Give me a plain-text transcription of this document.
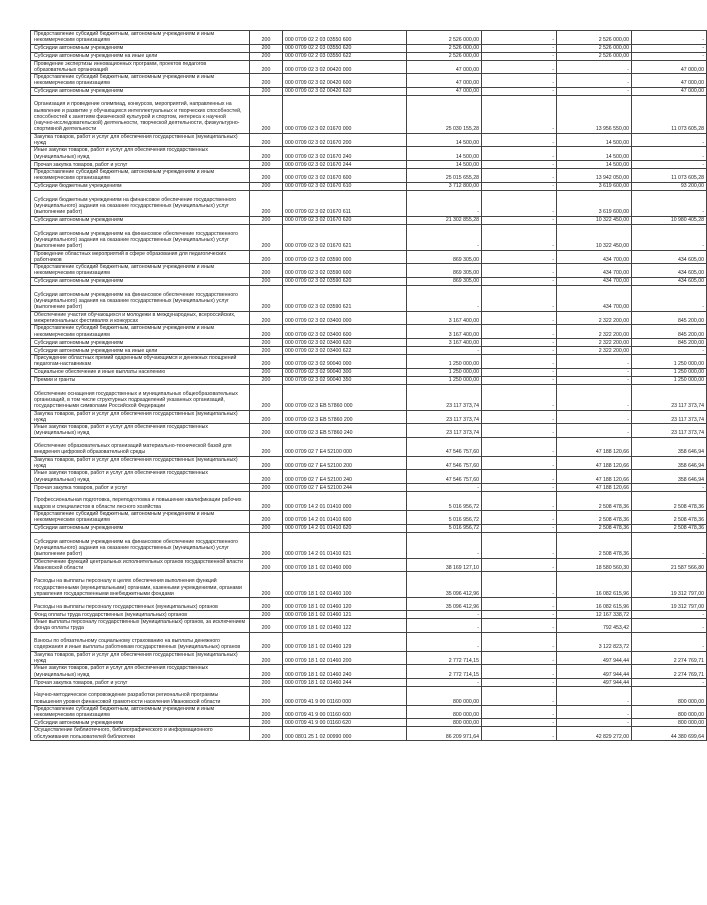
Предоставление субсидий бюджетным, автономным учреждениям и иным некоммерческим организациям	200	000 0709 02 2 03 03550 600	2 526 000,00	-	2 526 000,00	-
Субсидии автономным учреждениям	200	000 0709 02 2 03 03550 620	2 526 000,00	-	2 526 000,00	-
Субсидии автономным учреждениям на иные цели	200	000 0709 02 2 03 03550 622	2 526 000,00	-	2 526 000,00	-
Проведение экспертизы инновационных программ, проектов педагогов образовательных организаций	200	000 0709 02 3 02 00420 000	47 000,00	-	-	47 000,00
Предоставление субсидий бюджетным, автономным учреждениям и иным некоммерческим организациям	200	000 0709 02 3 02 00420 600	47 000,00	-	-	47 000,00
Субсидии автономным учреждениям	200	000 0709 02 3 02 00420 620	47 000,00	-	-	47 000,00
Организация и проведение олимпиад, конкурсов, мероприятий, направленных на выявление и развитие у обучающихся интеллектуальных и творческих способностей, способностей к занятиям физической культурой и спортом, интереса к научной (научно-исследовательской) деятельности, творческой деятельности, физкультурно-спортивной деятельности	200	000 0709 02 3 02 01670 000	25 030 155,28	-	13 956 550,00	11 073 605,28
Закупка товаров, работ и услуг для обеспечения государственных (муниципальных) нужд	200	000 0709 02 3 02 01670 200	14 500,00	-	14 500,00	-
Иные закупки товаров, работ и услуг для обеспечения государственных (муниципальных) нужд	200	000 0709 02 3 02 01670 240	14 500,00	-	14 500,00	-
Прочая закупка товаров, работ и услуг	200	000 0709 02 3 02 01670 244	14 500,00	-	14 500,00	-
Предоставление субсидий бюджетным, автономным учреждениям и иным некоммерческим организациям	200	000 0709 02 3 02 01670 600	25 015 655,28	-	13 942 050,00	11 073 605,28
Субсидии бюджетным учреждениям	200	000 0709 02 3 02 01670 610	3 712 800,00	-	3 619 600,00	93 200,00
Субсидии бюджетным учреждениям на финансовое обеспечение государственного (муниципального) задания на оказание государственных (муниципальных) услуг (выполнение работ)	200	000 0709 02 3 02 01670 611	-	-	3 619 600,00	-
Субсидии автономным учреждениям	200	000 0709 02 3 02 01670 620	21 302 855,28	-	10 322 450,00	10 980 405,28
Субсидии автономным учреждениям на финансовое обеспечение государственного (муниципального) задания на оказание государственных (муниципальных) услуг (выполнение работ)	200	000 0709 02 3 02 01670 621	-	-	10 322 450,00	-
Проведение областных мероприятий в сфере образования для педагогических работников	200	000 0709 02 3 02 03590 000	869 305,00	-	434 700,00	434 605,00
Предоставление субсидий бюджетным, автономным учреждениям и иным некоммерческим организациям	200	000 0709 02 3 02 03590 600	869 305,00	-	434 700,00	434 605,00
Субсидии автономным учреждениям	200	000 0709 02 3 02 03590 620	869 305,00	-	434 700,00	434 605,00
Субсидии автономным учреждениям на финансовое обеспечение государственного (муниципального) задания на оказание государственных (муниципальных) услуг (выполнение работ)	200	000 0709 02 3 02 03590 621	-	-	434 700,00	-
Обеспечение участия обучающихся и молодежи в международных, всероссийских, межрегиональных фестивалях и конкурсах	200	000 0709 02 3 02 03400 000	3 167 400,00	-	2 322 200,00	845 200,00
Предоставление субсидий бюджетным, автономным учреждениям и иным некоммерческим организациям	200	000 0709 02 3 02 03400 600	3 167 400,00	-	2 322 200,00	845 200,00
Субсидии автономным учреждениям	200	000 0709 02 3 02 03400 620	3 167 400,00	-	2 322 200,00	845 200,00
Субсидии автономным учреждениям на иные цели	200	000 0709 02 3 02 03400 622	-	-	2 322 200,00	-
Присуждение областных премий одаренным обучающимся и денежных поощрений педагогам-наставникам	200	000 0709 02 3 02 90040 000	1 250 000,00	-	-	1 250 000,00
Социальное обеспечение и иные выплаты населению	200	000 0709 02 3 02 90040 300	1 250 000,00	-	-	1 250 000,00
Премии и гранты	200	000 0709 02 3 02 90040 350	1 250 000,00	-	-	1 250 000,00
Обеспечение оснащения государственных и муниципальных общеобразовательных организаций, в том числе структурных подразделений указанных организаций, государственными символами Российской Федерации	200	000 0709 02 3 EВ 57860 000	23 117 373,74	-	-	23 117 373,74
Закупка товаров, работ и услуг для обеспечения государственных (муниципальных) нужд	200	000 0709 02 3 EВ 57860 200	23 117 373,74	-	-	23 117 373,74
Иные закупки товаров, работ и услуг для обеспечения государственных (муниципальных) нужд	200	000 0709 02 3 EВ 57860 240	23 117 373,74	-	-	23 117 373,74
Обеспечение образовательных организаций материально-технической базой для внедрения цифровой образовательной среды	200	000 0709 02 7 E4 52100 000	47 546 757,60	-	47 188 120,66	358 646,94
Закупка товаров, работ и услуг для обеспечения государственных (муниципальных) нужд	200	000 0709 02 7 E4 52100 200	47 546 757,60	-	47 188 120,66	358 646,94
Иные закупки товаров, работ и услуг для обеспечения государственных (муниципальных) нужд	200	000 0709 02 7 E4 52100 240	47 546 757,60	-	47 188 120,66	358 646,94
Прочая закупка товаров, работ и услуг	200	000 0709 02 7 E4 52100 244	-	-	47 188 120,66	-
Профессиональная подготовка, переподготовка и повышение квалификации рабочих кадров и специалистов в области лесного хозяйства	200	000 0709 14 2 01 01410 000	5 016 956,72	-	2 508 478,36	2 508 478,36
Предоставление субсидий бюджетным, автономным учреждениям и иным некоммерческим организациям	200	000 0709 14 2 01 01410 600	5 016 956,72	-	2 508 478,36	2 508 478,36
Субсидии автономным учреждениям	200	000 0709 14 2 01 01410 620	5 016 956,72	-	2 508 478,36	2 508 478,36
Субсидии автономным учреждениям на финансовое обеспечение государственного (муниципального) задания на оказание государственных (муниципальных) услуг (выполнение работ)	200	000 0709 14 2 01 01410 621	-	-	2 508 478,36	-
Обеспечение функций центральных исполнительных органов государственной власти Ивановской области	200	000 0709 18 1 02 01460 000	38 169 127,10	-	18 580 560,30	21 587 566,80
Расходы на выплаты персоналу в целях обеспечения выполнения функций государственными (муниципальными) органами, казенными учреждениями, органами управления государственными внебюджетными фондами	200	000 0709 18 1 02 01460 100	35 096 412,96	-	16 082 615,96	19 312 797,00
Расходы на выплаты персоналу государственных (муниципальных) органов	200	000 0709 18 1 02 01460 120	35 096 412,96	-	16 082 615,96	19 312 797,00
Фонд оплаты труда государственных (муниципальных) органов	200	000 0709 18 1 02 01460 121	-	-	12 167 338,72	-
Иные выплаты персоналу государственных (муниципальных) органов, за исключением фонда оплаты труда	200	000 0709 18 1 02 01460 122	-	-	792 453,42	-
Взносы по обязательному социальному страхованию на выплаты денежного содержания и иные выплаты работникам государственных (муниципальных) органов	200	000 0709 18 1 02 01460 129	-	-	3 122 823,72	-
Закупка товаров, работ и услуг для обеспечения государственных (муниципальных) нужд	200	000 0709 18 1 02 01460 200	2 772 714,15	-	497 944,44	2 274 769,71
Иные закупки товаров, работ и услуг для обеспечения государственных (муниципальных) нужд	200	000 0709 18 1 02 01460 240	2 772 714,15	-	497 944,44	2 274 769,71
Прочая закупка товаров, работ и услуг	200	000 0709 18 1 02 01460 244	-	-	497 944,44	-
Научно-методическое сопровождение разработки региональной программы повышения уровня финансовой грамотности населения Ивановской области	200	000 0709 41 9 00 01160 000	800 000,00	-	-	800 000,00
Предоставление субсидий бюджетным, автономным учреждениям и иным некоммерческим организациям	200	000 0709 41 9 00 01160 600	800 000,00	-	-	800 000,00
Субсидии автономным учреждениям	200	000 0709 41 9 00 01160 620	800 000,00	-	-	800 000,00
Осуществление библиотечного, библиографического и информационного обслуживания пользователей библиотеки	200	000 0801 25 1 02 00990 000	86 209 971,64	-	42 829 272,00	44 380 699,64
